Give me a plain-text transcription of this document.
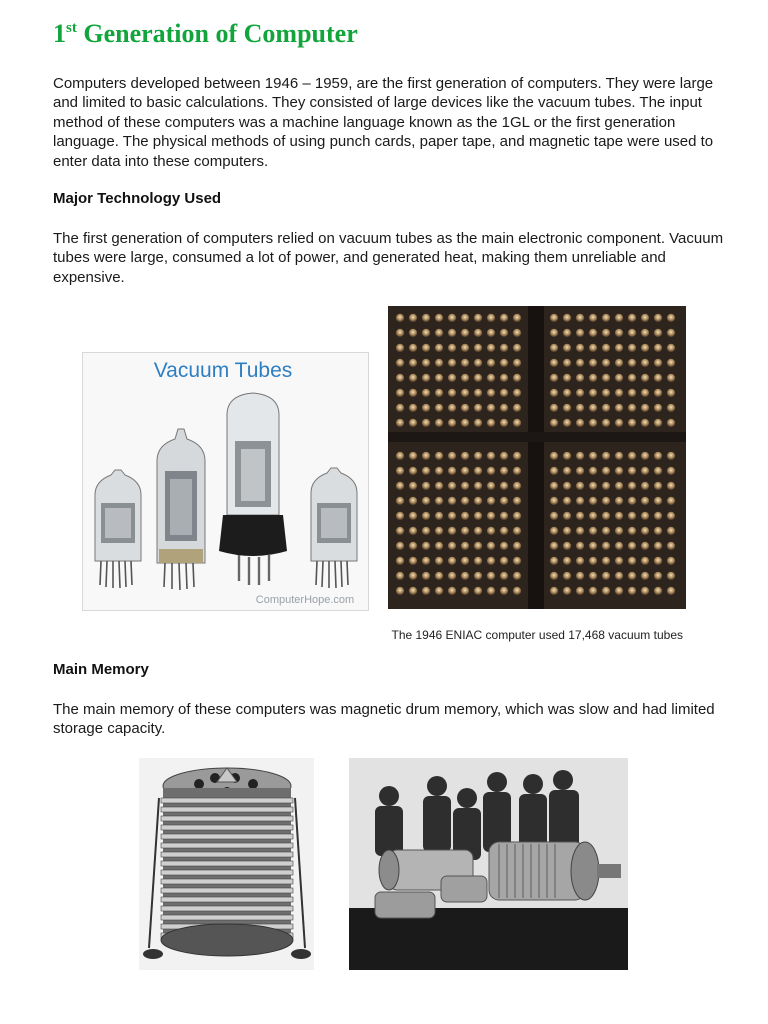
1st Generation of Computer

Computers developed between 1946 – 1959, are the first generation of computers. They were large and limited to basic calculations. They consisted of large devices like the vacuum tubes. The input method of these computers was a machine language known as the 1GL or the first generation language. The physical methods of using punch cards, paper tape, and magnetic tape were used to enter data into these computers.

Major Technology Used

The first generation of computers relied on vacuum tubes as the main electronic component. Vacuum tubes were large, consumed a lot of power, and generated heat, making them unreliable and expensive.

Vacuum Tubes
ComputerHope.com
The 1946 ENIAC computer used 17,468 vacuum tubes
Main Memory

The main memory of these computers was magnetic drum memory, which was slow and had limited storage capacity.
